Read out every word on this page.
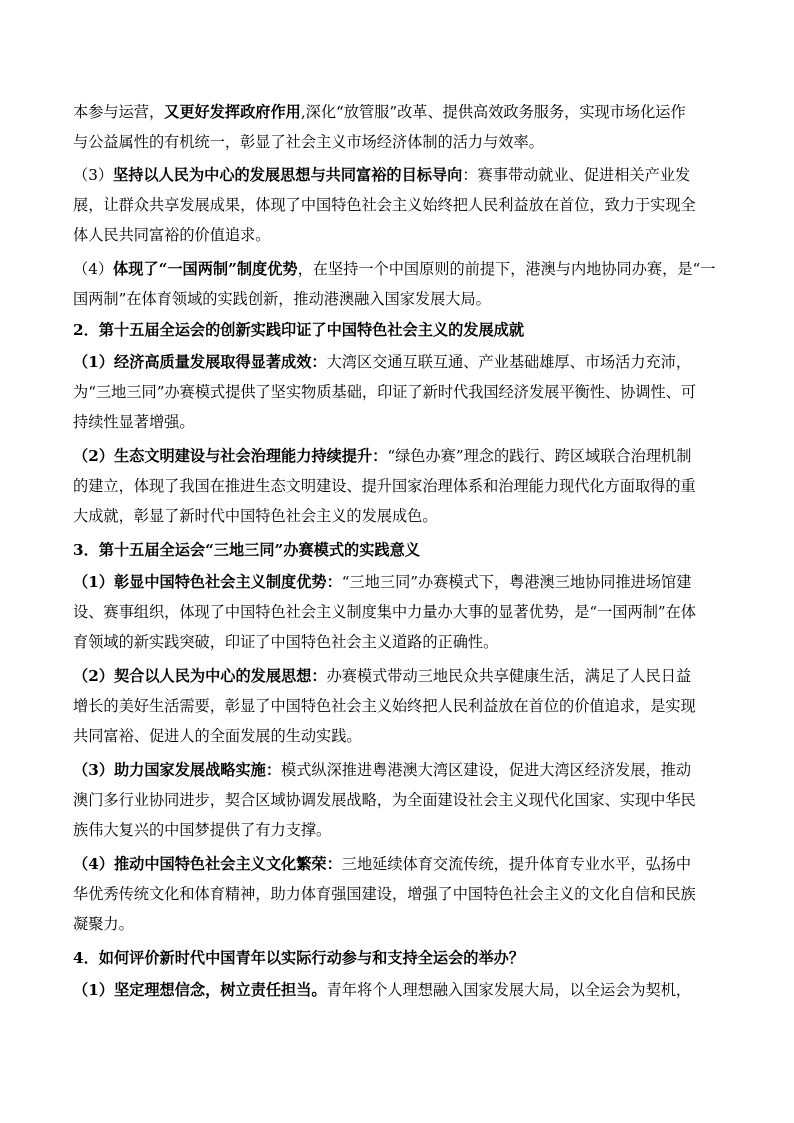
本参与运营，又更好发挥政府作用,深化“放管服”改革、提供高效政务服务，实现市场化运作
与公益属性的有机统一，彰显了社会主义市场经济体制的活力与效率。
（3）坚持以人民为中心的发展思想与共同富裕的目标导向：赛事带动就业、促进相关产业发
展，让群众共享发展成果，体现了中国特色社会主义始终把人民利益放在首位，致力于实现全
体人民共同富裕的价值追求。
（4）体现了“一国两制”制度优势，在坚持一个中国原则的前提下，港澳与内地协同办赛，是“一
国两制”在体育领域的实践创新，推动港澳融入国家发展大局。
2．第十五届全运会的创新实践印证了中国特色社会主义的发展成就
（1）经济高质量发展取得显著成效：大湾区交通互联互通、产业基础雄厚、市场活力充沛，
为“三地三同”办赛模式提供了坚实物质基础，印证了新时代我国经济发展平衡性、协调性、可
持续性显著增强。
（2）生态文明建设与社会治理能力持续提升：“绿色办赛”理念的践行、跨区域联合治理机制
的建立，体现了我国在推进生态文明建设、提升国家治理体系和治理能力现代化方面取得的重
大成就，彰显了新时代中国特色社会主义的发展成色。
3．第十五届全运会“三地三同”办赛模式的实践意义
（1）彰显中国特色社会主义制度优势：“三地三同”办赛模式下，粤港澳三地协同推进场馆建
设、赛事组织，体现了中国特色社会主义制度集中力量办大事的显著优势，是“一国两制”在体
育领域的新实践突破，印证了中国特色社会主义道路的正确性。
（2）契合以人民为中心的发展思想：办赛模式带动三地民众共享健康生活，满足了人民日益
增长的美好生活需要，彰显了中国特色社会主义始终把人民利益放在首位的价值追求，是实现
共同富裕、促进人的全面发展的生动实践。
（3）助力国家发展战略实施：模式纵深推进粤港澳大湾区建设，促进大湾区经济发展，推动
澳门多行业协同进步，契合区域协调发展战略，为全面建设社会主义现代化国家、实现中华民
族伟大复兴的中国梦提供了有力支撑。
（4）推动中国特色社会主义文化繁荣：三地延续体育交流传统，提升体育专业水平，弘扬中
华优秀传统文化和体育精神，助力体育强国建设，增强了中国特色社会主义的文化自信和民族
凝聚力。
4．如何评价新时代中国青年以实际行动参与和支持全运会的举办？
（1）坚定理想信念，树立责任担当。青年将个人理想融入国家发展大局，以全运会为契机，
